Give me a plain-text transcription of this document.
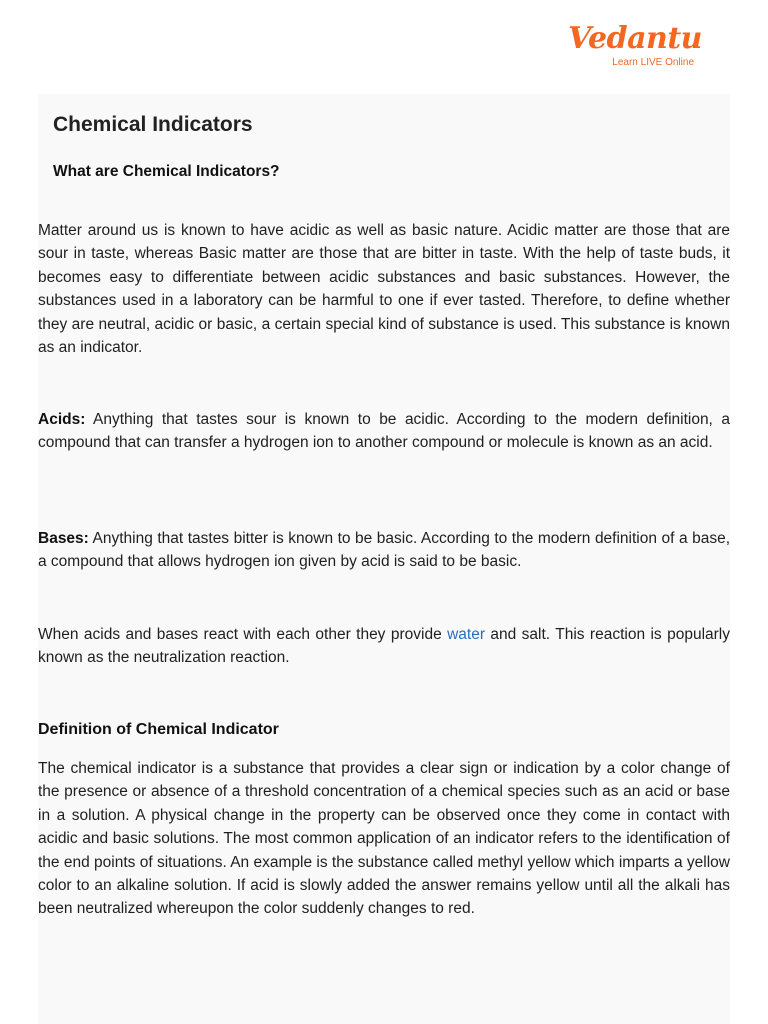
Vedantu
Learn LIVE Online
Chemical Indicators
What are Chemical Indicators?

Matter around us is known to have acidic as well as basic nature. Acidic matter are those that are sour in taste, whereas Basic matter are those that are bitter in taste. With the help of taste buds, it becomes easy to differentiate between acidic substances and basic substances. However, the substances used in a laboratory can be harmful to one if ever tasted. Therefore, to define whether they are neutral, acidic or basic, a certain special kind of substance is used. This substance is known as an indicator.

Acids: Anything that tastes sour is known to be acidic. According to the modern definition, a compound that can transfer a hydrogen ion to another compound or molecule is known as an acid.

Bases: Anything that tastes bitter is known to be basic. According to the modern definition of a base, a compound that allows hydrogen ion given by acid is said to be basic.

When acids and bases react with each other they provide water and salt. This reaction is popularly known as the neutralization reaction.

Definition of Chemical Indicator

The chemical indicator is a substance that provides a clear sign or indication by a color change of the presence or absence of a threshold concentration of a chemical species such as an acid or base in a solution. A physical change in the property can be observed once they come in contact with acidic and basic solutions. The most common application of an indicator refers to the identification of the end points of situations. An example is the substance called methyl yellow which imparts a yellow color to an alkaline solution. If acid is slowly added the answer remains yellow until all the alkali has been neutralized whereupon the color suddenly changes to red.
